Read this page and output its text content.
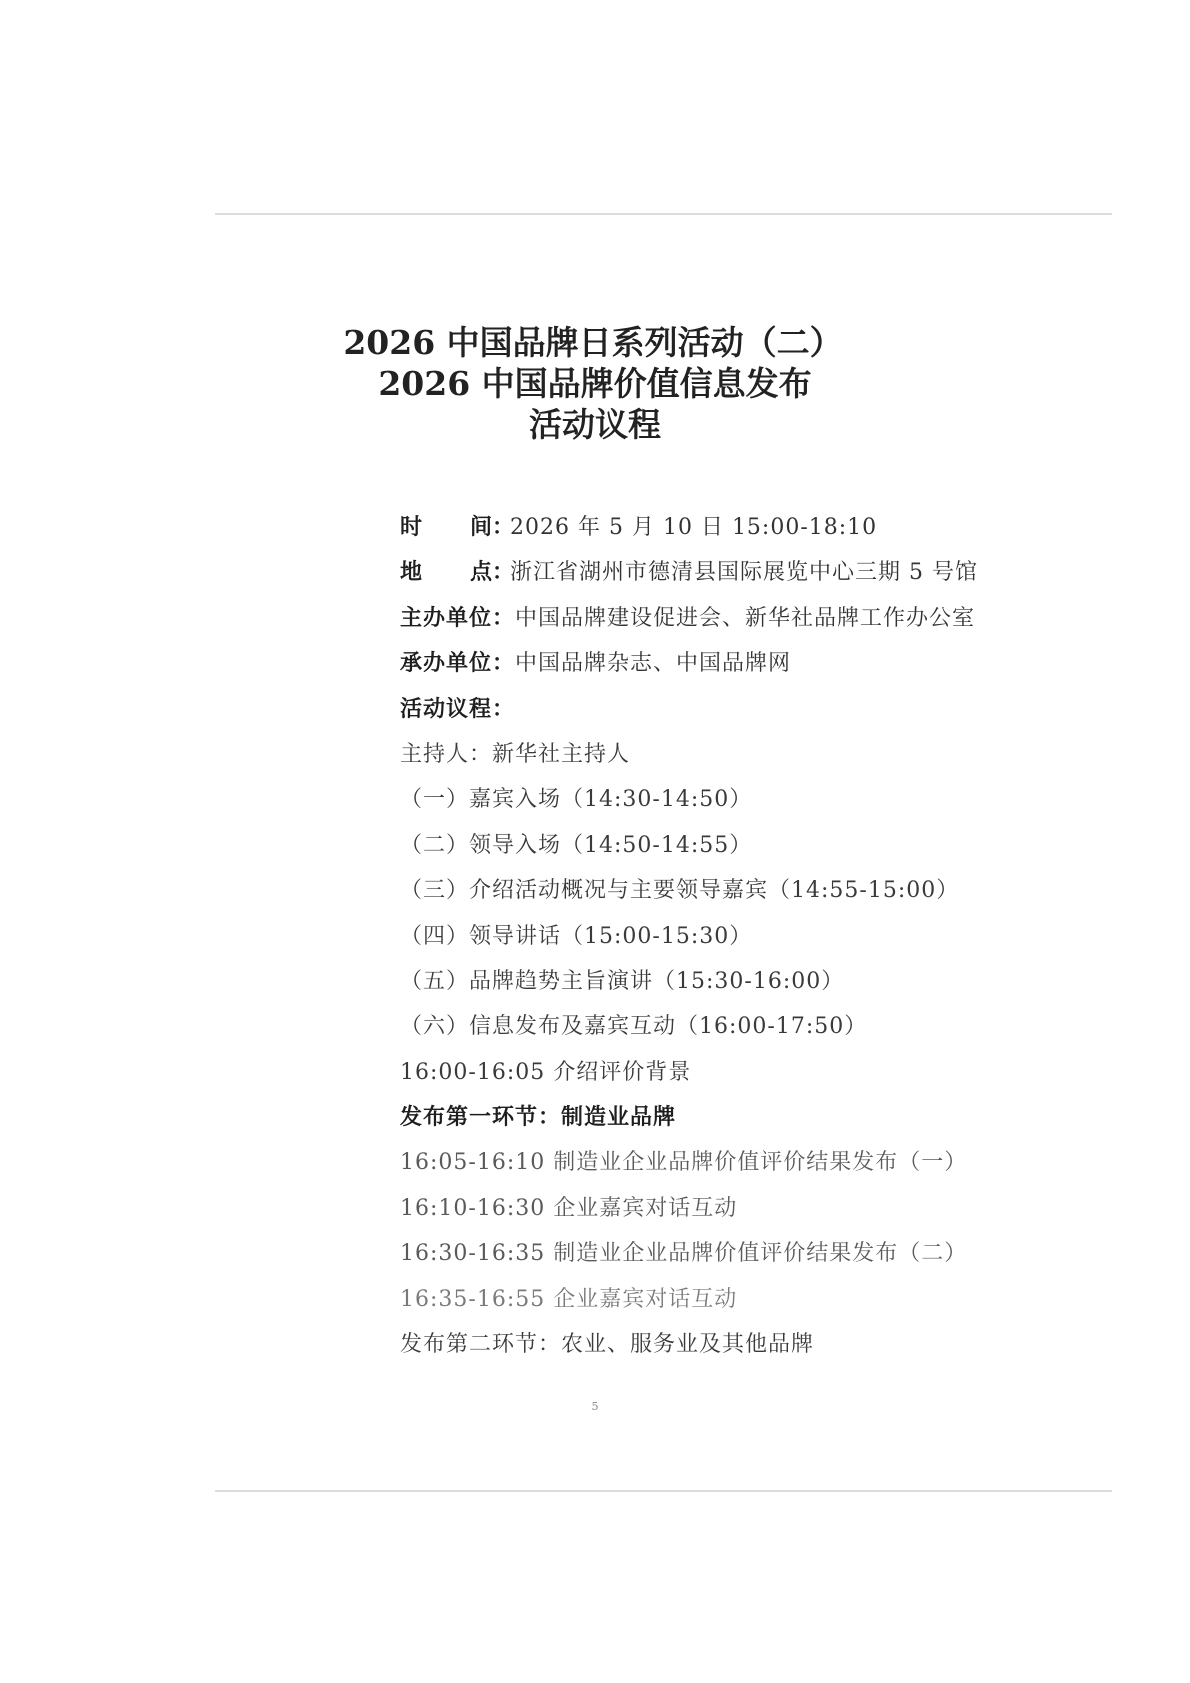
2026 中国品牌日系列活动（二）
2026 中国品牌价值信息发布
活动议程
时 间：2026 年 5 月 10 日 15:00-18:10
地 点：浙江省湖州市德清县国际展览中心三期 5 号馆
主办单位：中国品牌建设促进会、新华社品牌工作办公室
承办单位：中国品牌杂志、中国品牌网
活动议程：
主持人：新华社主持人
（一）嘉宾入场（14:30-14:50）
（二）领导入场（14:50-14:55）
（三）介绍活动概况与主要领导嘉宾（14:55-15:00）
（四）领导讲话（15:00-15:30）
（五）品牌趋势主旨演讲（15:30-16:00）
（六）信息发布及嘉宾互动（16:00-17:50）
16:00-16:05 介绍评价背景
发布第一环节：制造业品牌
16:05-16:10 制造业企业品牌价值评价结果发布（一）
16:10-16:30 企业嘉宾对话互动
16:30-16:35 制造业企业品牌价值评价结果发布（二）
16:35-16:55 企业嘉宾对话互动
发布第二环节：农业、服务业及其他品牌
5
